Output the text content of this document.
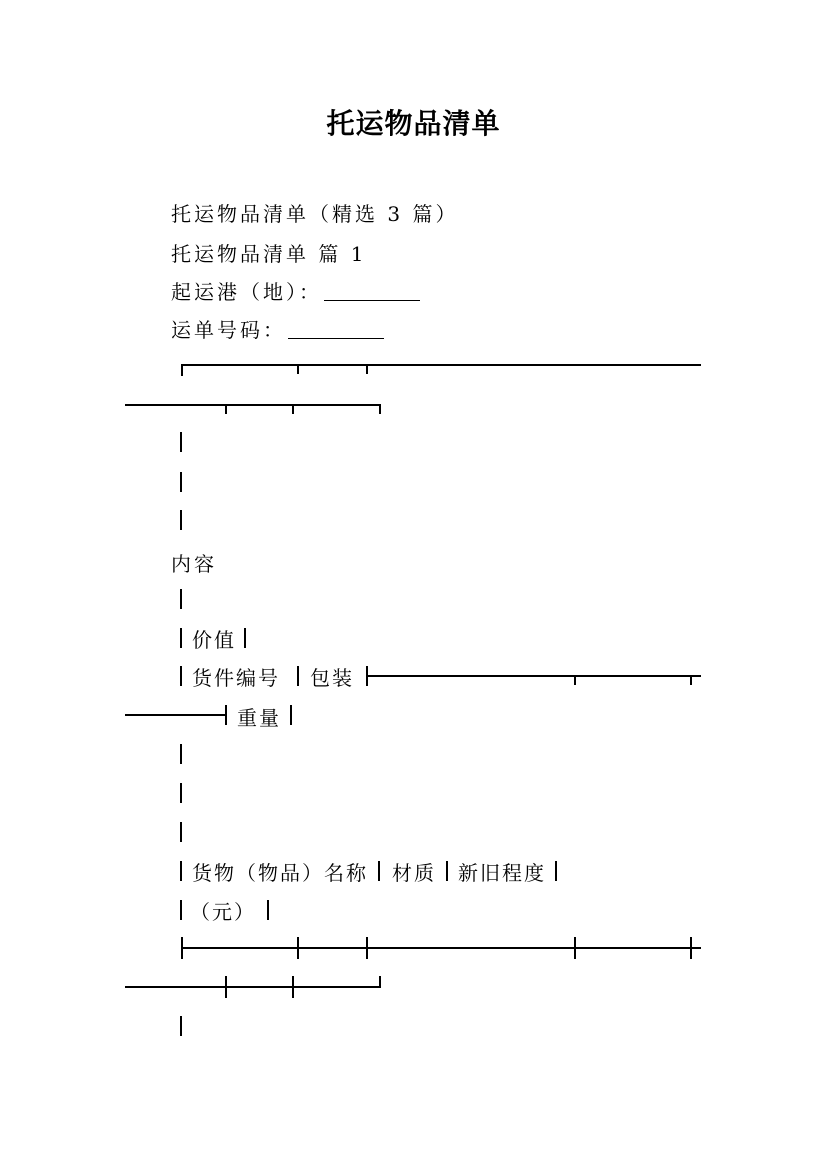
托运物品清单
托运物品清单（精选 3 篇）
托运物品清单 篇 1
起运港（地）：
运单号码：
内容
价值
货件编号 包装
重量
货物（物品）名称 材质 新旧程度
（元）
